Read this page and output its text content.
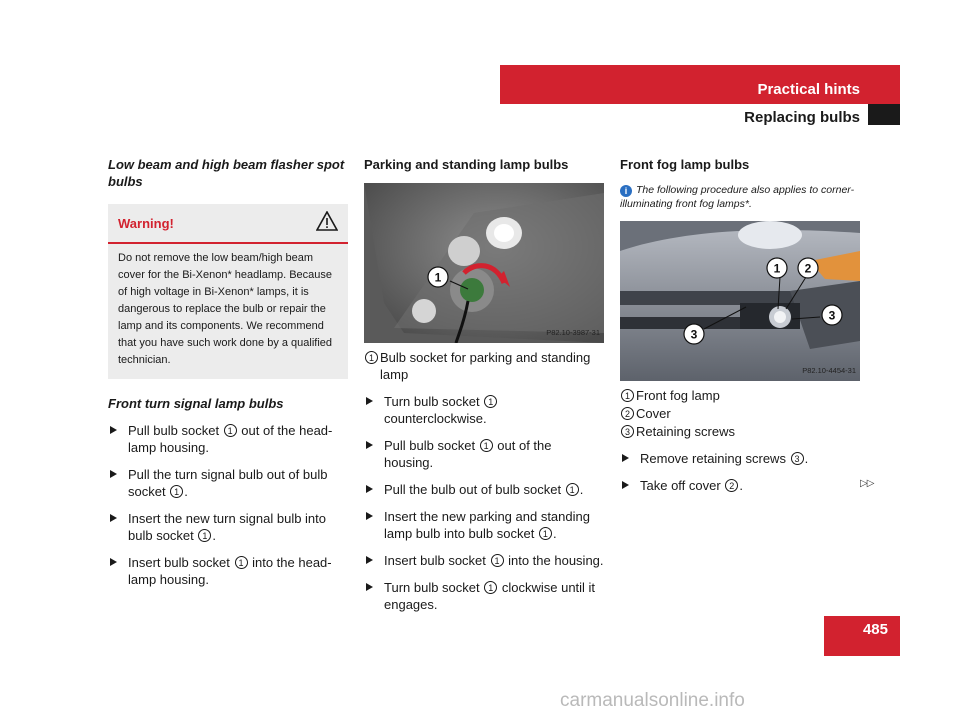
Practical hints
Replacing bulbs
Low beam and high beam flasher spot bulbs
Warning!
Do not remove the low beam/high beam cover for the Bi-Xenon* headlamp. Because of high voltage in Bi-Xenon* lamps, it is dangerous to replace the bulb or repair the lamp and its components. We recommend that you have such work done by a qualified technician.
Front turn signal lamp bulbs
Pull bulb socket 1 out of the headlamp housing.
Pull the turn signal bulb out of bulb socket 1 .
Insert the new turn signal bulb into bulb socket 1 .
Insert bulb socket 1 into the headlamp housing.
Parking and standing lamp bulbs
1
P82.10-3987-31
1 Bulb socket for parking and standing lamp
Turn bulb socket 1 counterclockwise.
Pull bulb socket 1 out of the housing.
Pull the bulb out of bulb socket 1 .
Insert the new parking and standing lamp bulb into bulb socket 1 .
Insert bulb socket 1 into the housing.
Turn bulb socket 1 clockwise until it engages.
Front fog lamp bulbs
i The following procedure also applies to corner-illuminating front fog lamps*.
1 2
3
3
P82.10-4454-31
1 Front fog lamp
2 Cover
3 Retaining screws
Remove retaining screws 3 .
Take off cover 2 .	▷▷
485
carmanualsonline.info
